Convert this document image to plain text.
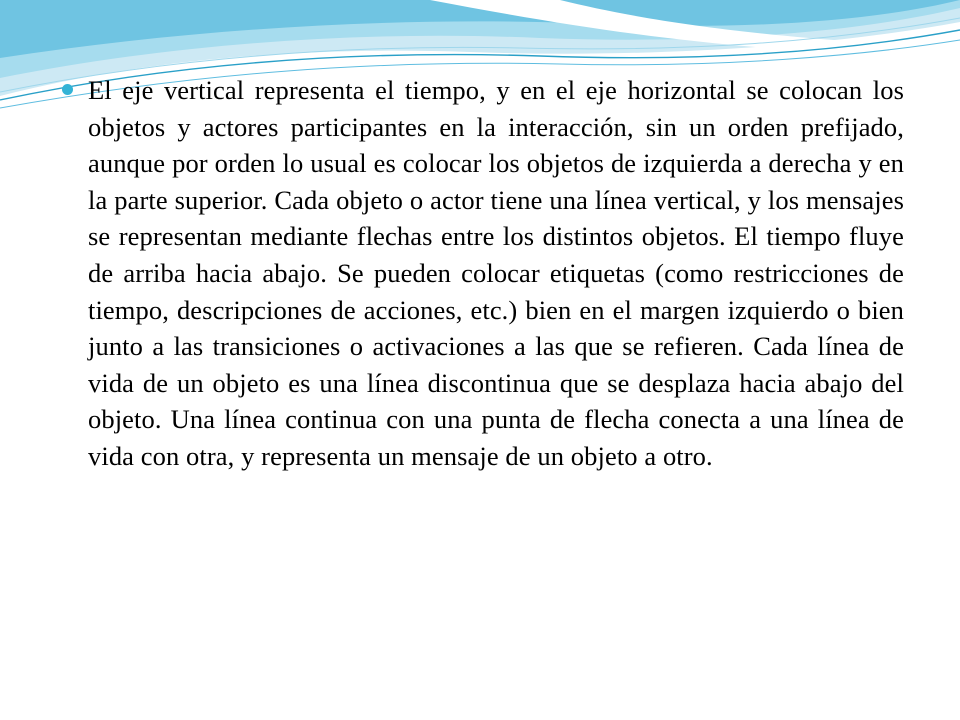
El eje vertical representa el tiempo, y en el eje horizontal se colocan los objetos y actores participantes en la interacción, sin un orden prefijado, aunque por orden lo usual es colocar los objetos de izquierda a derecha y en la parte superior. Cada objeto o actor tiene una línea vertical, y los mensajes se representan mediante flechas entre los distintos objetos. El tiempo fluye de arriba hacia abajo. Se pueden colocar etiquetas (como restricciones de tiempo, descripciones de acciones, etc.) bien en el margen izquierdo o bien junto a las transiciones o activaciones a las que se refieren. Cada línea de vida de un objeto es una línea discontinua que se desplaza hacia abajo del objeto. Una línea continua con una punta de flecha conecta a una línea de vida con otra, y representa un mensaje de un objeto a otro.
